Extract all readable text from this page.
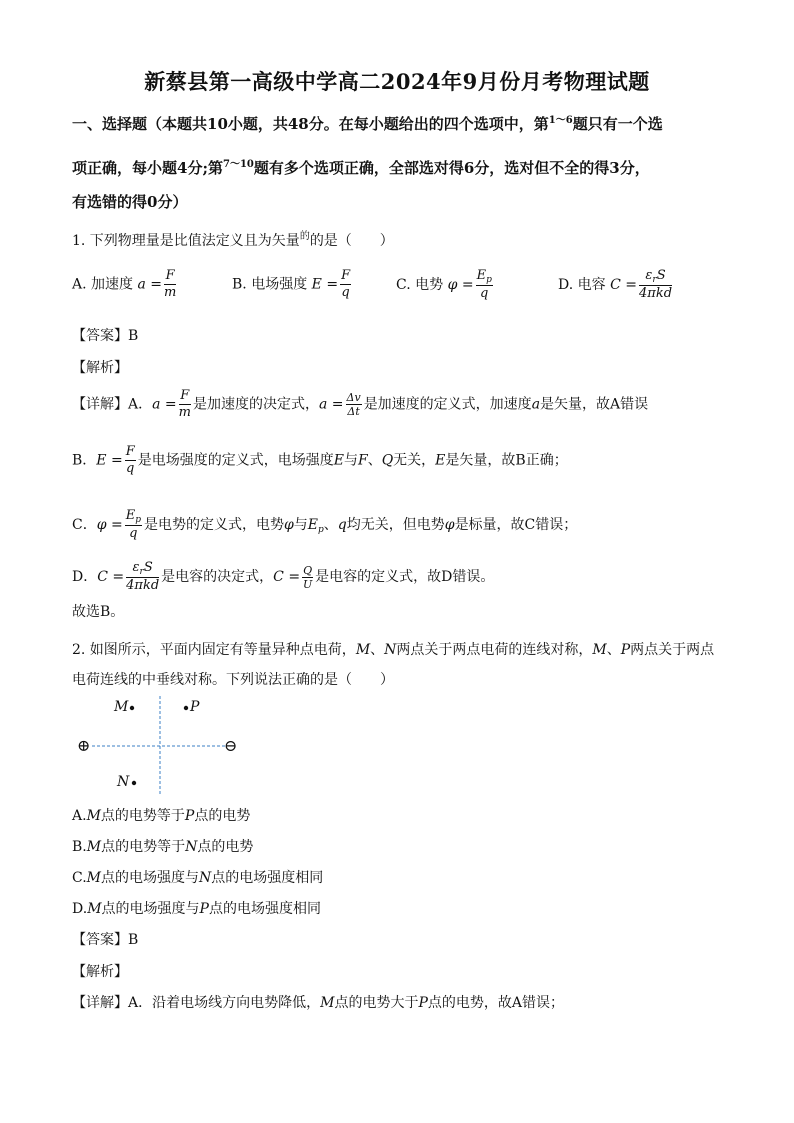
新蔡县第一高级中学高二2024年9月份月考物理试题
一、选择题（本题共10小题，共48分。在每小题给出的四个选项中，第$^{1\sim 6}$题只有一个选
项正确，每小题4分;第$^{7\sim 10}$题有多个选项正确，全部选对得6分，选对但不全的得3分，
有选错的得0分）
1. 下列物理量是比值法定义且为矢量$^的$的是（　　）
A. 加速度 $a = \frac{F}{m}$	B. 电场强度 $E = \frac{F}{q}$	C. 电势 $\varphi = \frac{E_p}{q}$	D. 电容 $C = \frac{\varepsilon_rS}{\text{4πkd}}$
【答案】B
【解析】
【详解】A．$a = \frac{F}{m}$ 是加速度的决定式，$a = \frac{\Delta v}{\Delta t}$ 是加速度的定义式，加速度a是矢量，故A错误
B．$E = \frac{F}{q}$ 是电场强度的定义式，电场强度E与F、Q无关，E是矢量，故B正确；
C．$\varphi = \frac{E_p}{q}$ 是电势的定义式，电势φ与$E_p$、q均无关，但电势φ是标量，故C错误；
D．$C = \frac{\varepsilon_rS}{\text{4πkd}}$ 是电容的决定式，$C = \frac{Q}{U}$ 是电容的定义式，故D错误。
故选B。
2. 如图所示，平面内固定有等量异种点电荷，M、N两点关于两点电荷的连线对称，M、P两点关于两点
电荷连线的中垂线对称。下列说法正确的是（　　）
M	P
N
⊕	⊖
A.M点的电势等于P点的电势
B.M点的电势等于N点的电势
C.M点的电场强度与N点的电场强度相同
D.M点的电场强度与P点的电场强度相同
【答案】B
【解析】
【详解】A．沿着电场线方向电势降低，M点的电势大于P点的电势，故A错误；
